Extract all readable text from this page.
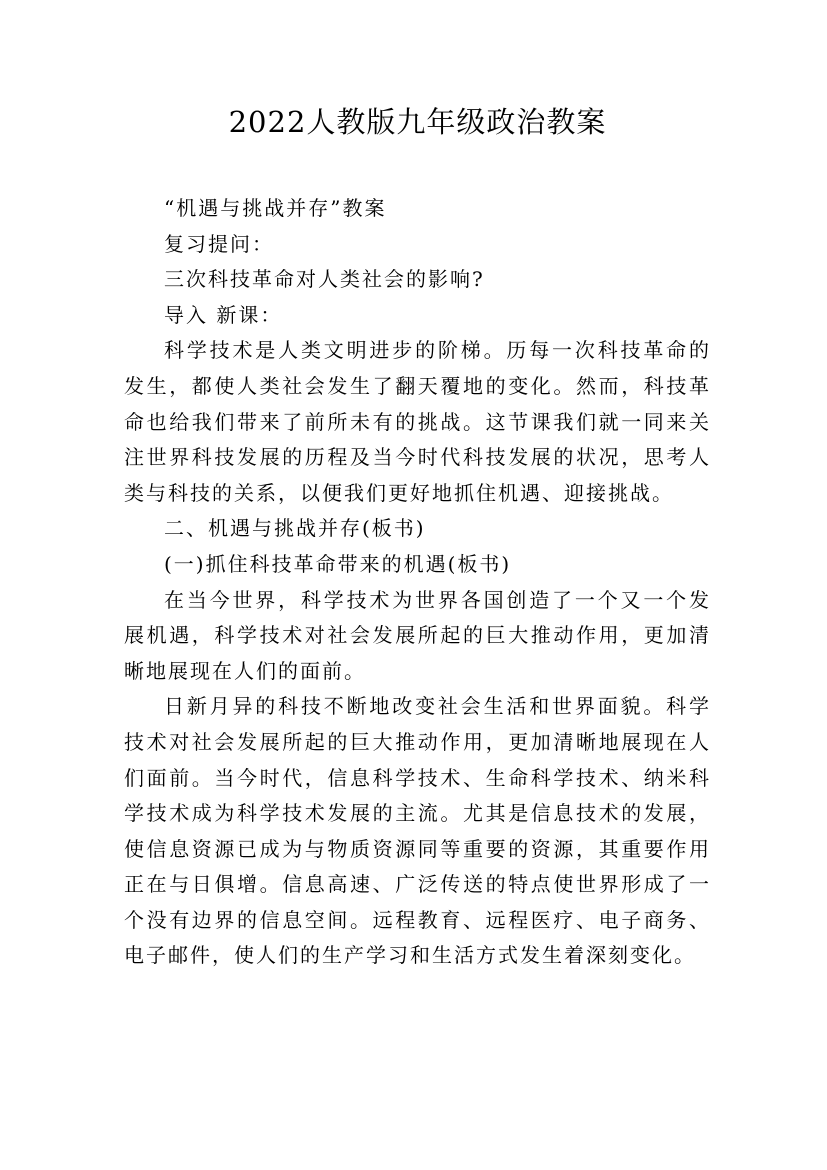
2022人教版九年级政治教案

“机遇与挑战并存”教案

复习提问：

三次科技革命对人类社会的影响?

导入 新课：

科学技术是人类文明进步的阶梯。历每一次科技革命的发生，都使人类社会发生了翻天覆地的变化。然而，科技革命也给我们带来了前所未有的挑战。这节课我们就一同来关注世界科技发展的历程及当今时代科技发展的状况，思考人类与科技的关系，以便我们更好地抓住机遇、迎接挑战。

二、机遇与挑战并存(板书)

(一)抓住科技革命带来的机遇(板书)

在当今世界，科学技术为世界各国创造了一个又一个发展机遇，科学技术对社会发展所起的巨大推动作用，更加清晰地展现在人们的面前。

日新月异的科技不断地改变社会生活和世界面貌。科学技术对社会发展所起的巨大推动作用，更加清晰地展现在人们面前。当今时代，信息科学技术、生命科学技术、纳米科学技术成为科学技术发展的主流。尤其是信息技术的发展，使信息资源已成为与物质资源同等重要的资源，其重要作用正在与日俱增。信息高速、广泛传送的特点使世界形成了一个没有边界的信息空间。远程教育、远程医疗、电子商务、电子邮件，使人们的生产学习和生活方式发生着深刻变化。
